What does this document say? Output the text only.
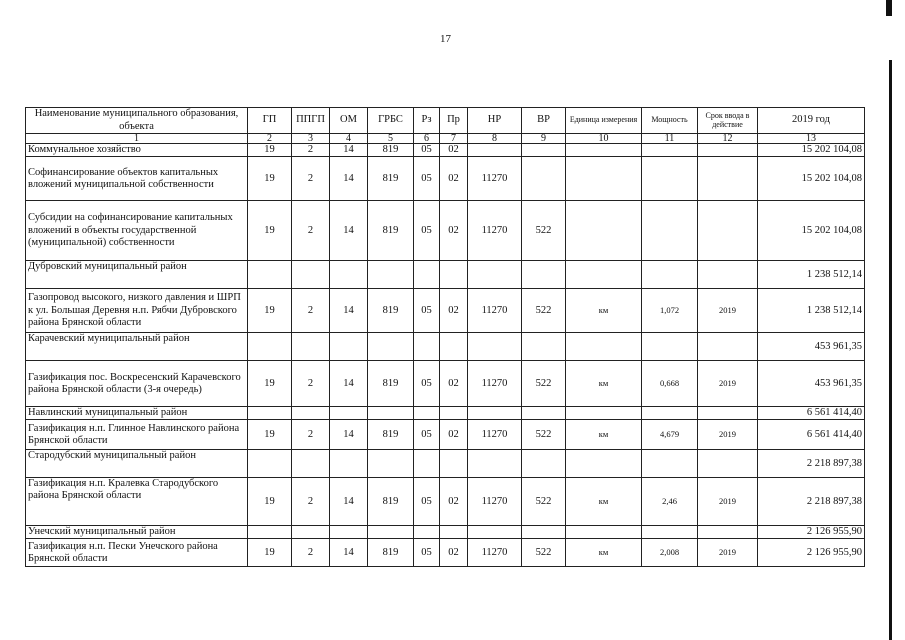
17
Наименование муниципального образования, объекта	ГП	ППГП	ОМ	ГРБС	Рз	Пр	НР	ВР	Единица измерения	Мощность	Срок ввода в действие	2019 год
1	2	3	4	5	6	7	8	9	10	11	12	13
Коммунальное хозяйство	19	2	14	819	05	02						15 202 104,08
Софинансирование объектов капитальных вложений муниципальной собственности	19	2	14	819	05	02	11270					15 202 104,08
Субсидии на софинансирование капитальных вложений в объекты государственной (муниципальной) собственности	19	2	14	819	05	02	11270	522				15 202 104,08
Дубровский муниципальный район												1 238 512,14
Газопровод высокого, низкого давления и ШРП к ул. Большая Деревня н.п. Рябчи Дубровского района Брянской области	19	2	14	819	05	02	11270	522	км	1,072	2019	1 238 512,14
Карачевский муниципальный район												453 961,35
Газификация пос. Воскресенский Карачевского района Брянской области (3-я очередь)	19	2	14	819	05	02	11270	522	км	0,668	2019	453 961,35
Навлинский муниципальный район												6 561 414,40
Газификация н.п. Глинное Навлинского района Брянской области	19	2	14	819	05	02	11270	522	км	4,679	2019	6 561 414,40
Стародубский муниципальный район												2 218 897,38
Газификация н.п. Кралевка Стародубского района Брянской области	19	2	14	819	05	02	11270	522	км	2,46	2019	2 218 897,38
Унечский муниципальный район												2 126 955,90
Газификация н.п. Пески Унечского района Брянской области	19	2	14	819	05	02	11270	522	км	2,008	2019	2 126 955,90
